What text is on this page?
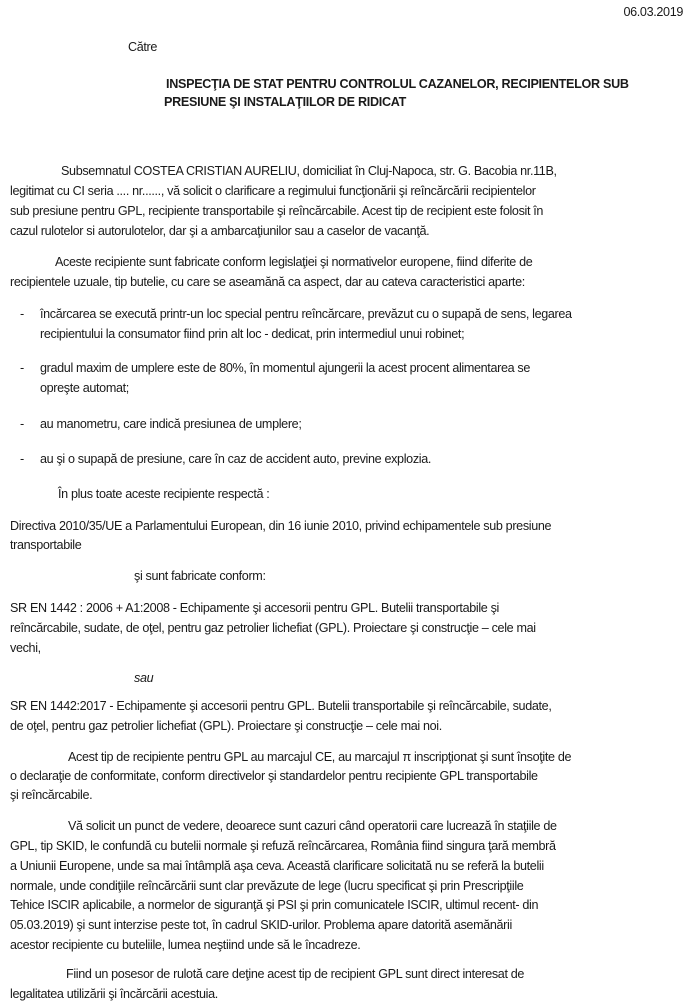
06.03.2019
Către
INSPECŢIA DE STAT PENTRU CONTROLUL CAZANELOR, RECIPIENTELOR SUB
PRESIUNE ŞI INSTALAŢIILOR DE RIDICAT
Subsemnatul COSTEA CRISTIAN AURELIU, domiciliat în Cluj-Napoca, str. G. Bacobia nr.11B,
legitimat cu CI seria .... nr......, vă solicit o clarificare a regimului funcţionării şi reîncărcării recipientelor
sub presiune pentru GPL, recipiente transportabile şi reîncărcabile. Acest tip de recipient este folosit în
cazul rulotelor si autorulotelor, dar şi a ambarcaţiunilor sau a caselor de vacanţă.
Aceste recipiente sunt fabricate conform legislaţiei şi normativelor europene, fiind diferite de
recipientele uzuale, tip butelie, cu care se aseamănă ca aspect, dar au cateva caracteristici aparte:
- încărcarea se execută printr-un loc special pentru reîncărcare, prevăzut cu o supapă de sens, legarea
recipientului la consumator fiind prin alt loc - dedicat, prin intermediul unui robinet;
- gradul maxim de umplere este de 80%, în momentul ajungerii la acest procent alimentarea se
opreşte automat;
- au manometru, care indică presiunea de umplere;
- au şi o supapă de presiune, care în caz de accident auto, previne explozia.
În plus toate aceste recipiente respectă :
Directiva 2010/35/UE a Parlamentului European, din 16 iunie 2010, privind echipamentele sub presiune
transportabile
şi sunt fabricate conform:
SR EN 1442 : 2006 + A1:2008 - Echipamente şi accesorii pentru GPL. Butelii transportabile şi
reîncărcabile, sudate, de oţel, pentru gaz petrolier lichefiat (GPL). Proiectare şi construcţie – cele mai
vechi,
sau
SR EN 1442:2017 - Echipamente şi accesorii pentru GPL. Butelii transportabile şi reîncărcabile, sudate,
de oţel, pentru gaz petrolier lichefiat (GPL). Proiectare şi construcţie – cele mai noi.
Acest tip de recipiente pentru GPL au marcajul CE, au marcajul π inscripţionat şi sunt însoţite de
o declaraţie de conformitate, conform directivelor şi standardelor pentru recipiente GPL transportabile
şi reîncărcabile.
Vă solicit un punct de vedere, deoarece sunt cazuri când operatorii care lucrează în staţiile de
GPL, tip SKID, le confundă cu butelii normale şi refuză reîncărcarea, România fiind singura ţară membră
a Uniunii Europene, unde sa mai întâmplă aşa ceva. Această clarificare solicitată nu se referă la butelii
normale, unde condiţiile reîncărcării sunt clar prevăzute de lege (lucru specificat şi prin Prescripţiile
Tehice ISCIR aplicabile, a normelor de siguranţă şi PSI şi prin comunicatele ISCIR, ultimul recent- din
05.03.2019) şi sunt interzise peste tot, în cadrul SKID-urilor. Problema apare datorită asemănării
acestor recipiente cu buteliile, lumea neştiind unde să le încadreze.
Fiind un posesor de rulotă care deţine acest tip de recipient GPL sunt direct interesat de
legalitatea utilizării şi încărcării acestuia.
